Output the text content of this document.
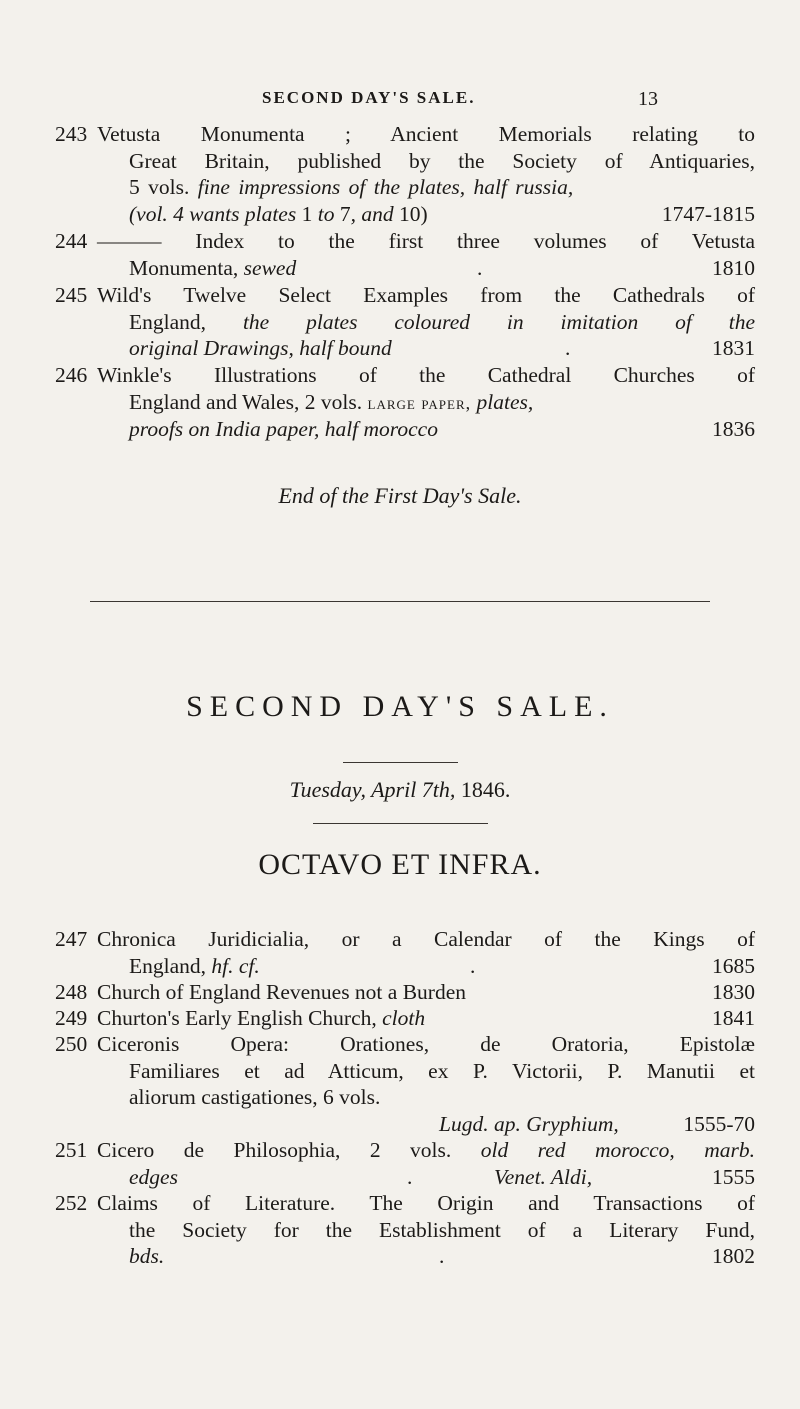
SECOND DAY'S SALE.	13
243 Vetusta Monumenta ; Ancient Memorials relating to
Great Britain, published by the Society of Antiquaries,
5 vols. fine impressions of the plates, half russia,
(vol. 4 wants plates 1 to 7, and 10)	1747-1815
244 ——— Index to the first three volumes of Vetusta
Monumenta, sewed	.	1810
245 Wild's Twelve Select Examples from the Cathedrals of
England, the plates coloured in imitation of the
original Drawings, half bound	.	1831
246 Winkle's Illustrations of the Cathedral Churches of
England and Wales, 2 vols. large paper, plates,
proofs on India paper, half morocco	1836
End of the First Day's Sale.
SECOND DAY'S SALE.
Tuesday, April 7th, 1846.
OCTAVO ET INFRA.
247 Chronica Juridicialia, or a Calendar of the Kings of
England, hf. cf.	.	1685
248 Church of England Revenues not a Burden	1830
249 Churton's Early English Church, cloth	1841
250 Ciceronis Opera: Orationes, de Oratoria, Epistolæ
Familiares et ad Atticum, ex P. Victorii, P. Manutii et
aliorum castigationes, 6 vols.
Lugd. ap. Gryphium,	1555-70

251 Cicero de Philosophia, 2 vols. old red morocco, marb.
edges	.	Venet. Aldi,	1555
252 Claims of Literature. The Origin and Transactions of
the Society for the Establishment of a Literary Fund,
bds.	.	1802
